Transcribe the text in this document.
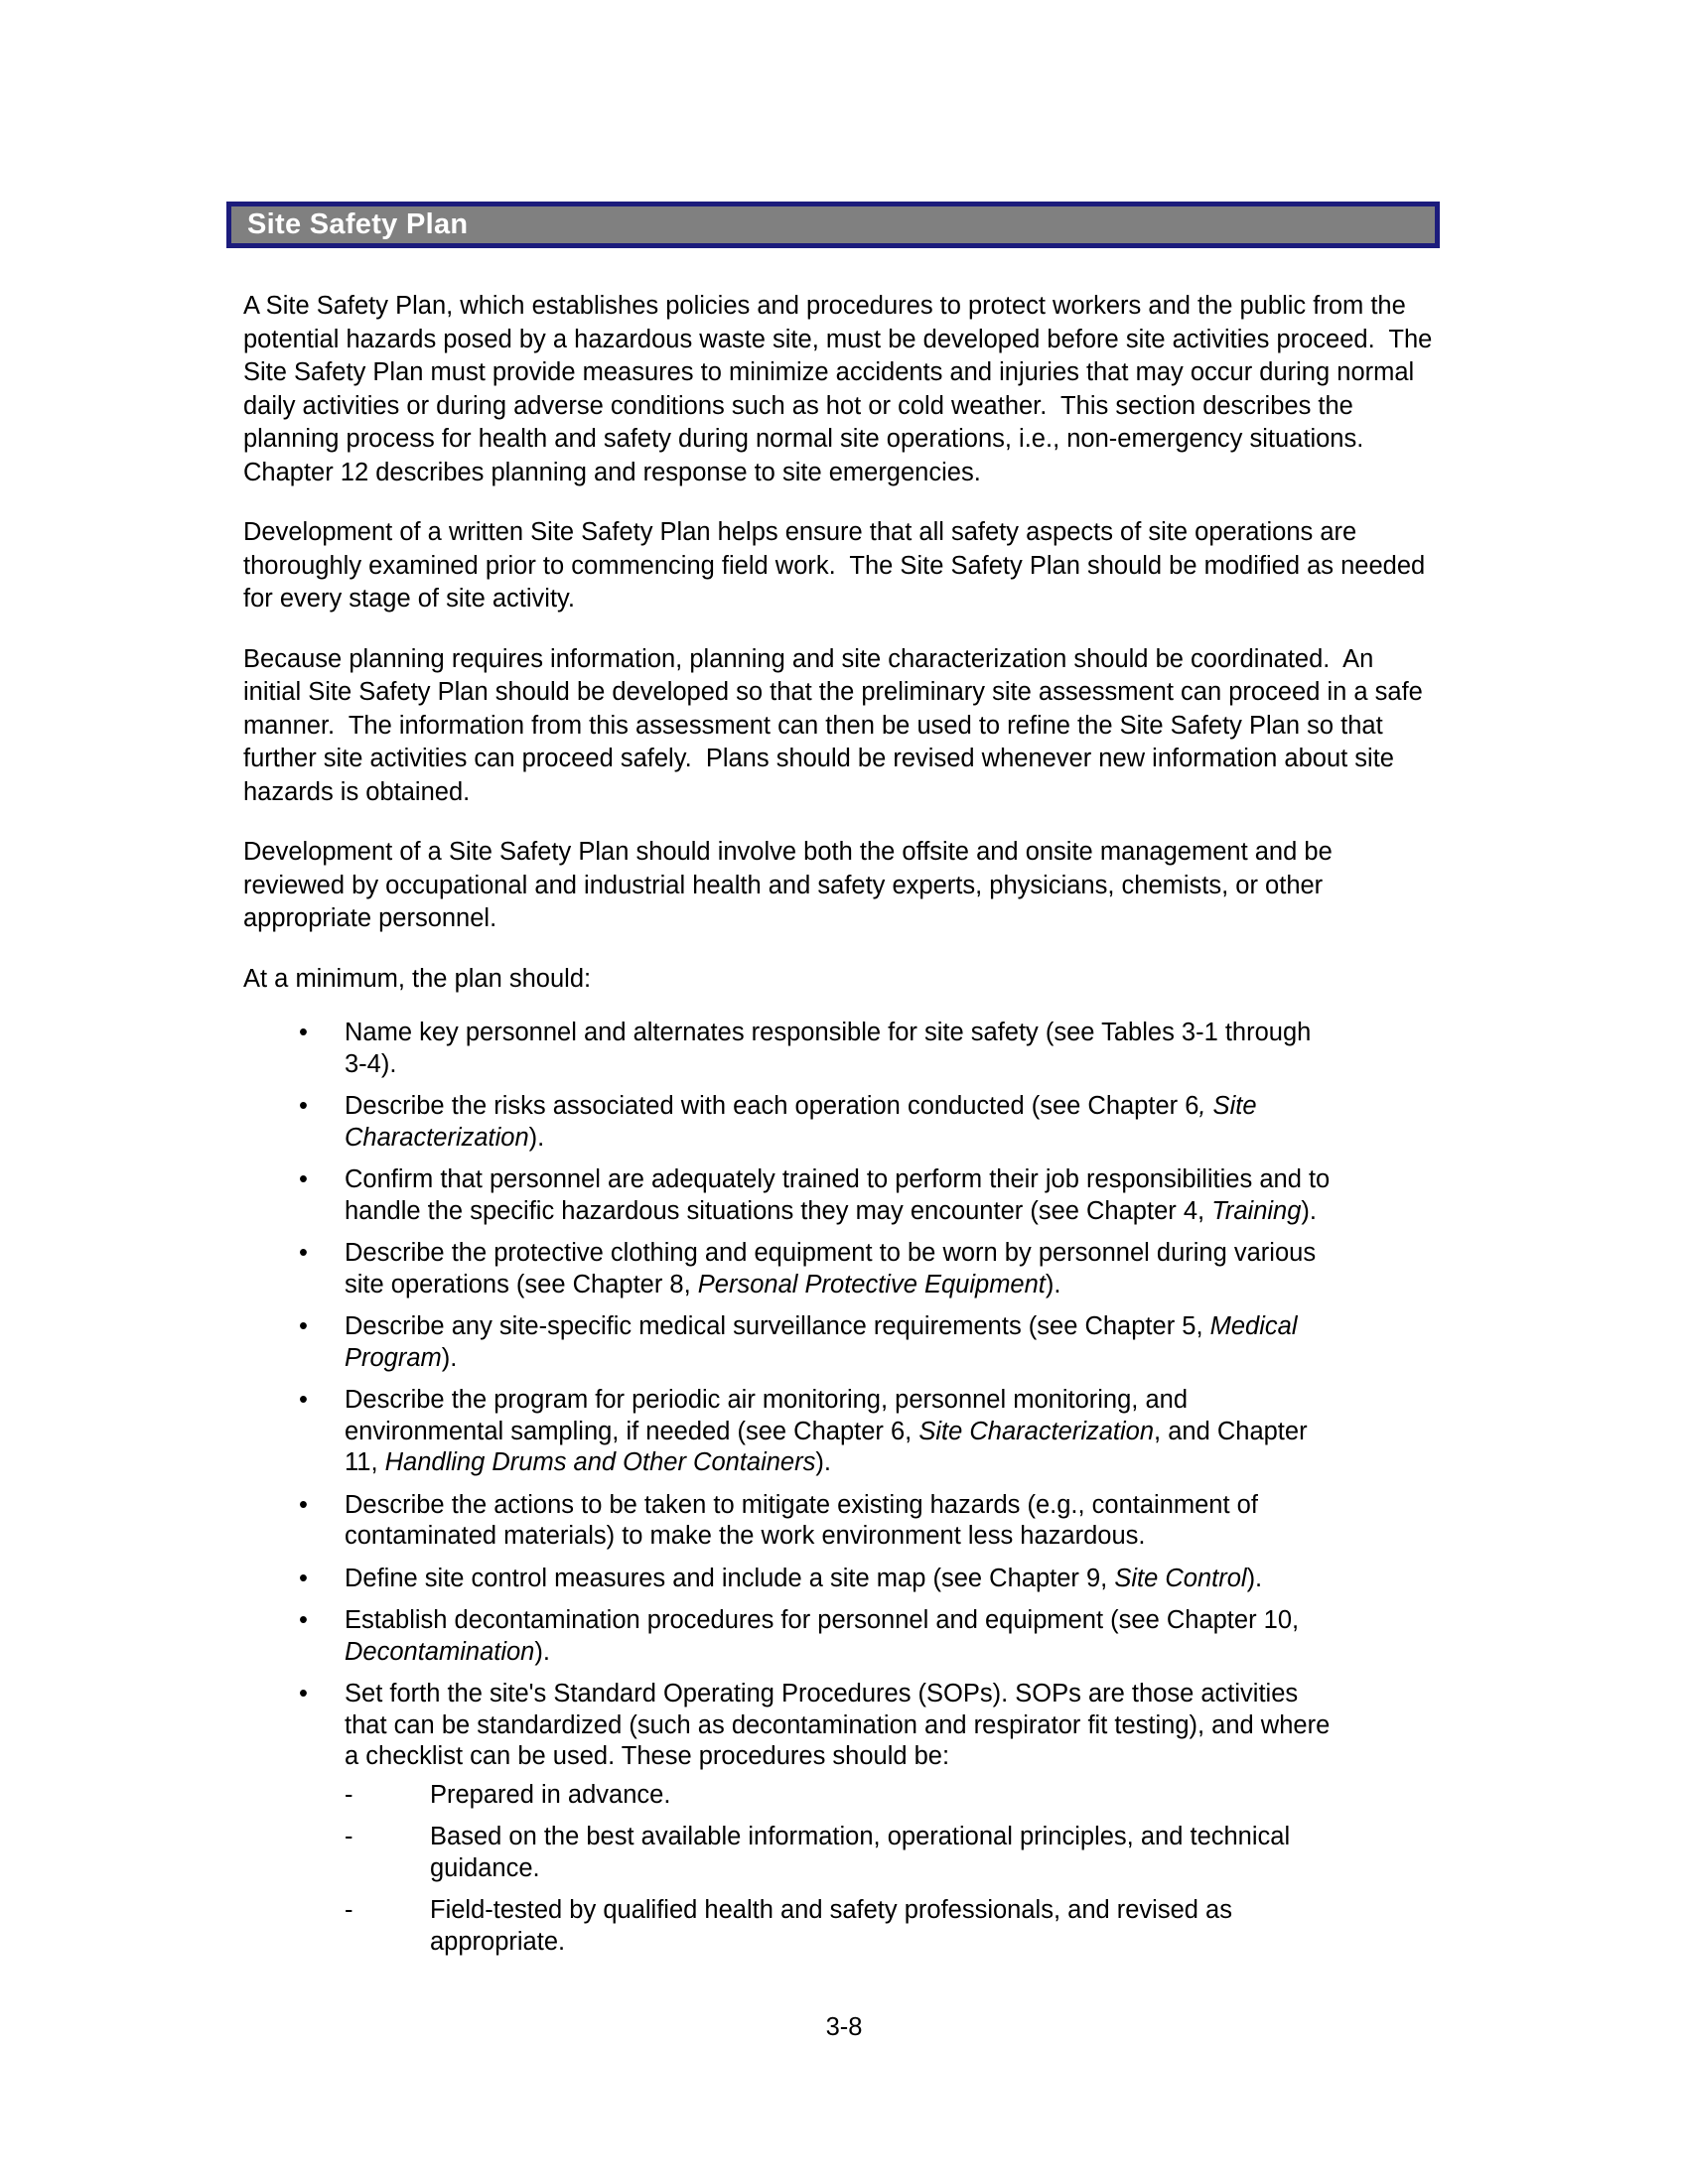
Site Safety Plan

A Site Safety Plan, which establishes policies and procedures to protect workers and the public from the potential hazards posed by a hazardous waste site, must be developed before site activities proceed.  The Site Safety Plan must provide measures to minimize accidents and injuries that may occur during normal daily activities or during adverse conditions such as hot or cold weather.  This section describes the planning process for health and safety during normal site operations, i.e., non-emergency situations.  Chapter 12 describes planning and response to site emergencies.

Development of a written Site Safety Plan helps ensure that all safety aspects of site operations are thoroughly examined prior to commencing field work.  The Site Safety Plan should be modified as needed for every stage of site activity.

Because planning requires information, planning and site characterization should be coordinated.  An initial Site Safety Plan should be developed so that the preliminary site assessment can proceed in a safe manner.  The information from this assessment can then be used to refine the Site Safety Plan so that further site activities can proceed safely.  Plans should be revised whenever new information about site hazards is obtained.

Development of a Site Safety Plan should involve both the offsite and onsite management and be reviewed by occupational and industrial health and safety experts, physicians, chemists, or other appropriate personnel.

At a minimum, the plan should:

• Name key personnel and alternates responsible for site safety (see Tables 3-1 through 3-4).
• Describe the risks associated with each operation conducted (see Chapter 6, Site Characterization).
• Confirm that personnel are adequately trained to perform their job responsibilities and to handle the specific hazardous situations they may encounter (see Chapter 4, Training).
• Describe the protective clothing and equipment to be worn by personnel during various site operations (see Chapter 8, Personal Protective Equipment).
• Describe any site-specific medical surveillance requirements (see Chapter 5, Medical Program).
• Describe the program for periodic air monitoring, personnel monitoring, and environmental sampling, if needed (see Chapter 6, Site Characterization, and Chapter 11, Handling Drums and Other Containers).
• Describe the actions to be taken to mitigate existing hazards (e.g., containment of contaminated materials) to make the work environment less hazardous.
• Define site control measures and include a site map (see Chapter 9, Site Control).
• Establish decontamination procedures for personnel and equipment (see Chapter 10, Decontamination).
• Set forth the site's Standard Operating Procedures (SOPs). SOPs are those activities that can be standardized (such as decontamination and respirator fit testing), and where a checklist can be used. These procedures should be:
-	Prepared in advance.
-	Based on the best available information, operational principles, and technical guidance.
-	Field-tested by qualified health and safety professionals, and revised as appropriate.
3-8
